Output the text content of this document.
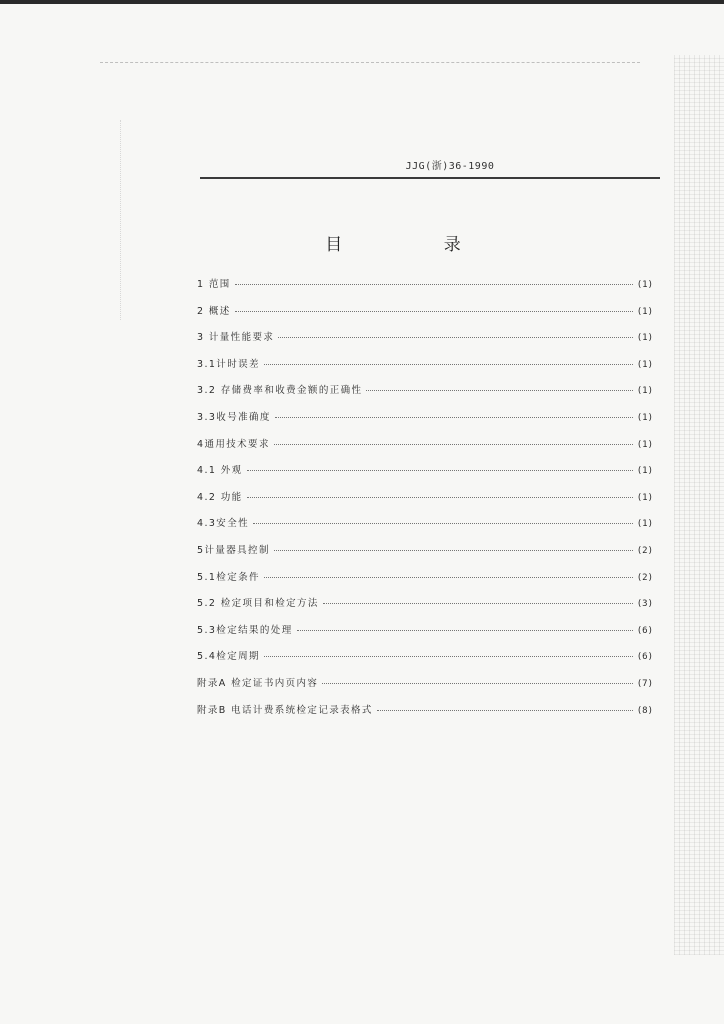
JJG(浙)36-1990
目 录
1 范围	(1)
2 概述	(1)
3 计量性能要求	(1)
3.1计时误差	(1)
3.2 存储费率和收费金额的正确性	(1)
3.3收号准确度	(1)
4通用技术要求	(1)
4.1 外观	(1)
4.2 功能	(1)
4.3安全性	(1)
5计量器具控制	(2)
5.1检定条件	(2)
5.2 检定项目和检定方法	(3)
5.3检定结果的处理	(6)
5.4检定周期	(6)
附录A 检定证书内页内容	(7)
附录B 电话计费系统检定记录表格式	(8)
